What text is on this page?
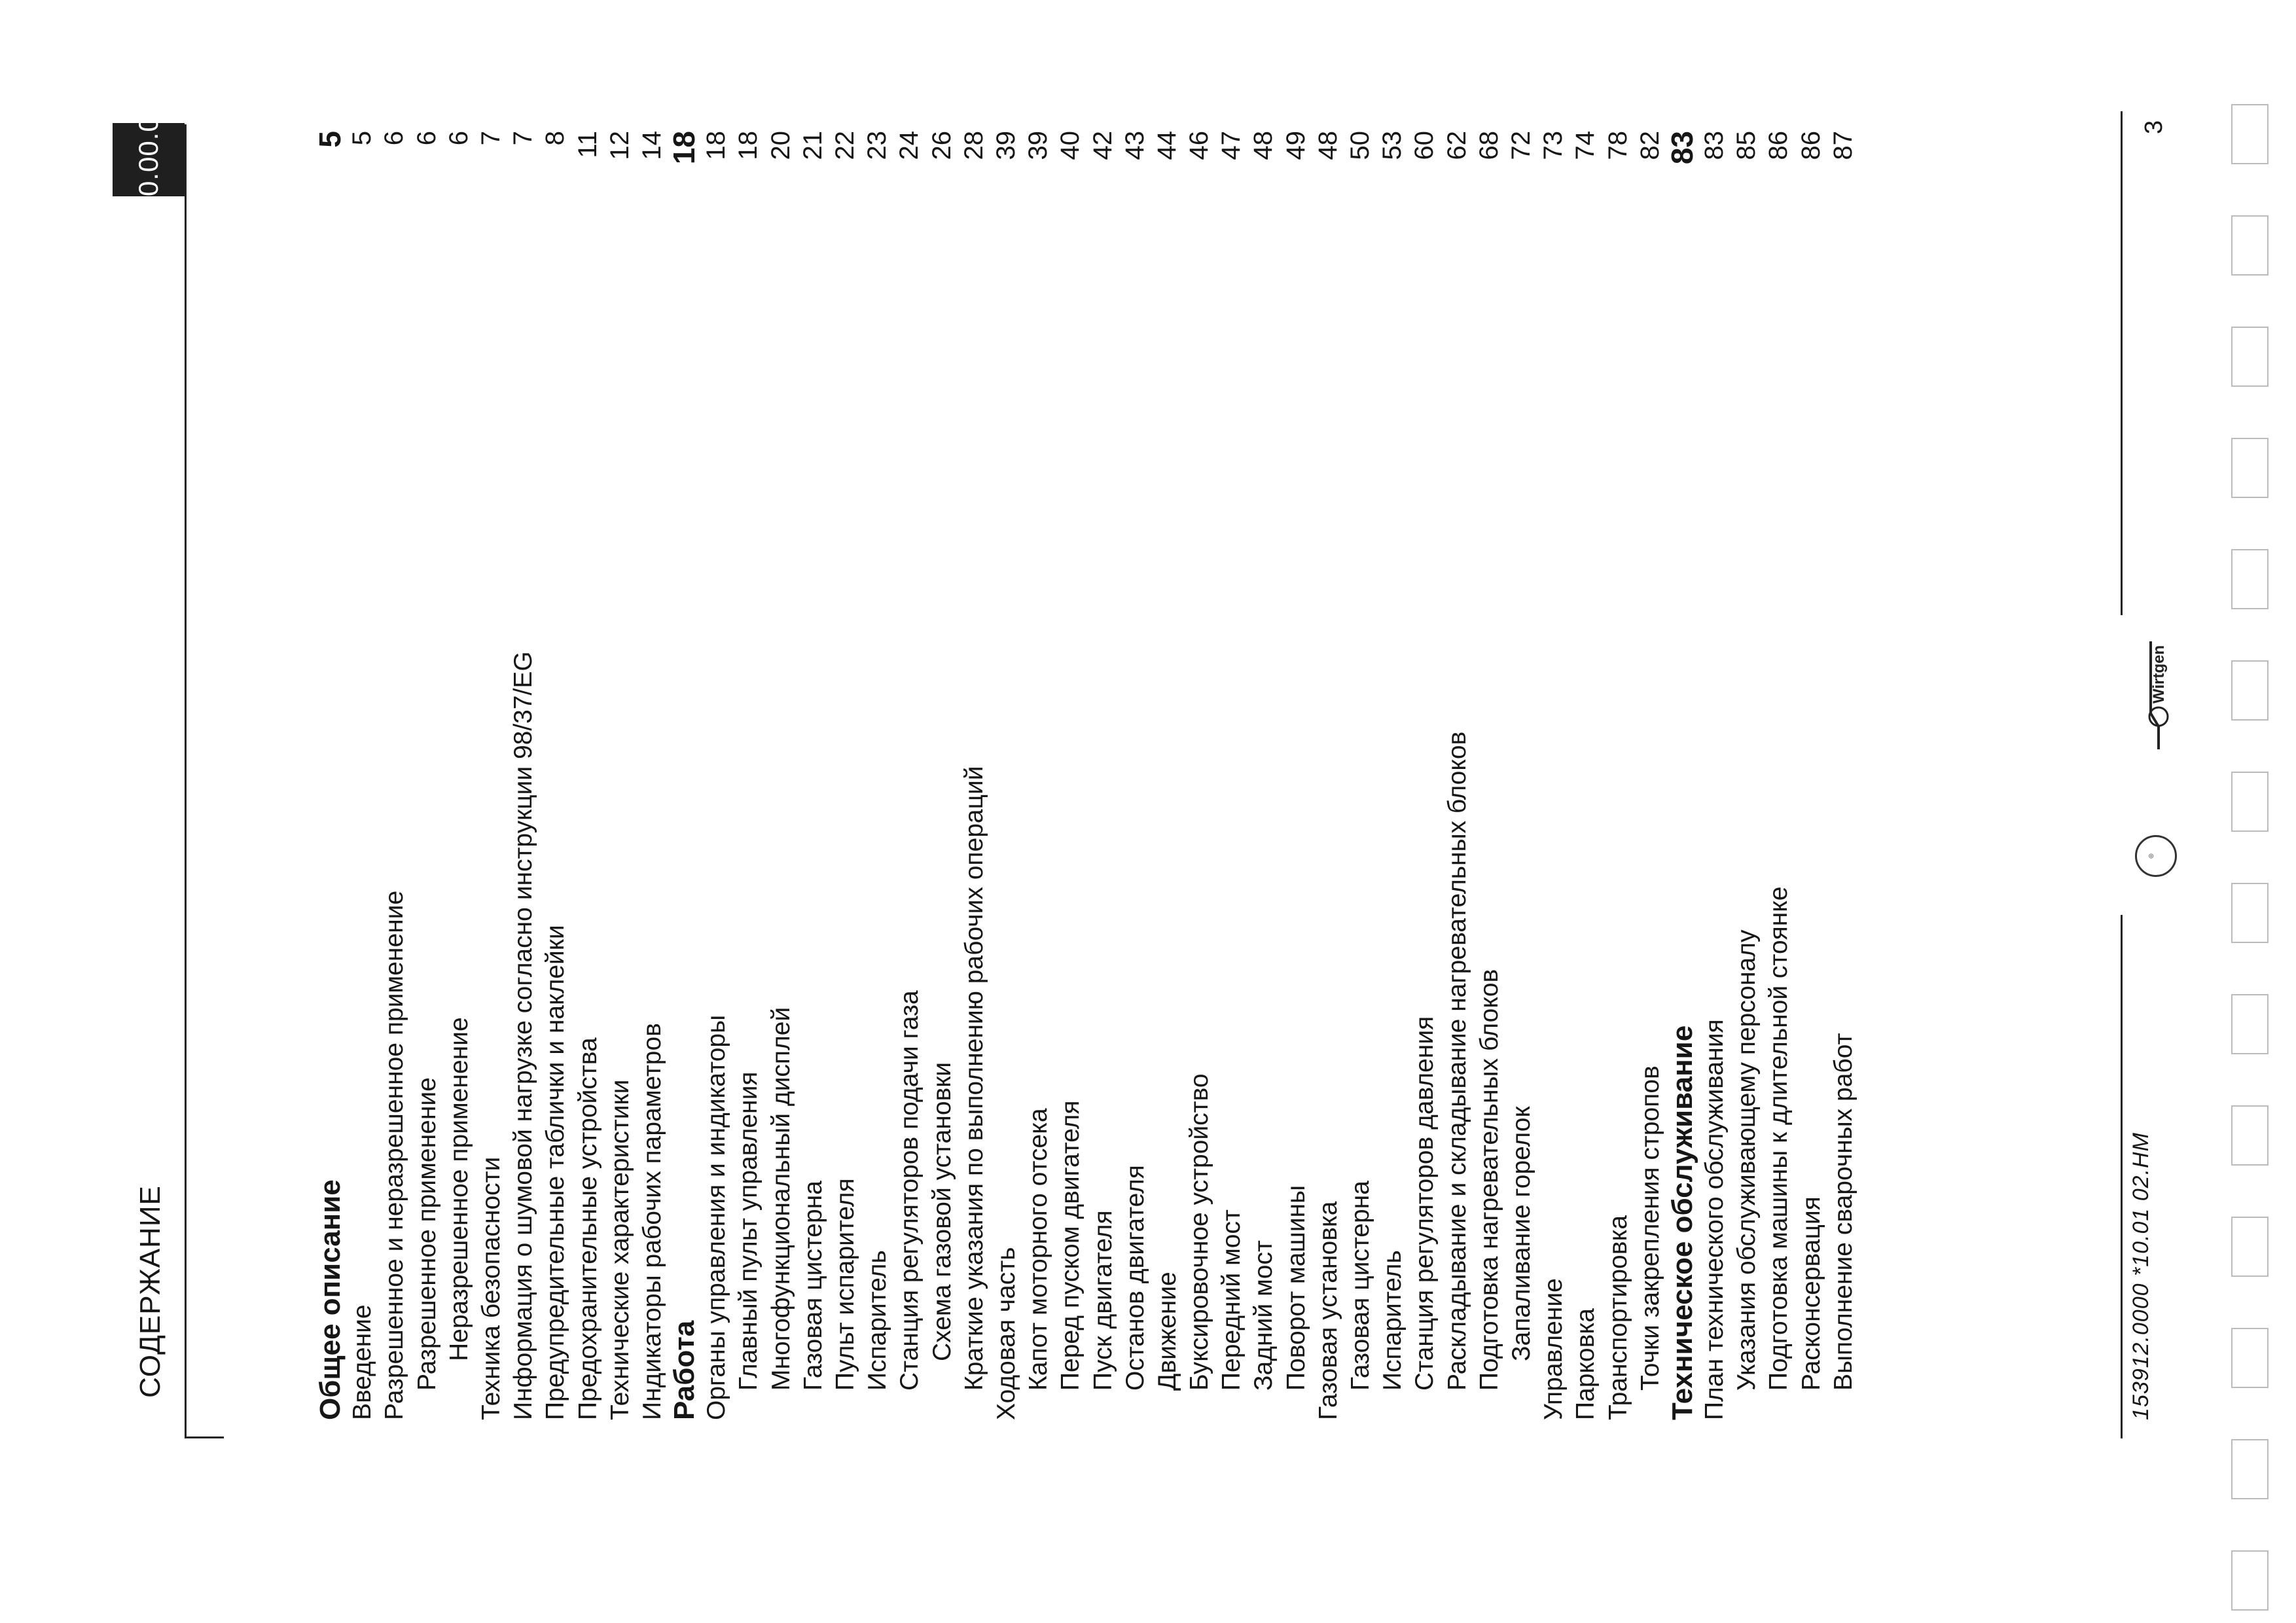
СОДЕРЖАНИЕ
0.00.01
Общее описание
5
Введение
5
Разрешенное и неразрешенное применение
6
Разрешенное применение
6
Неразрешенное применение
6
Техника безопасности
7
Информация о шумовой нагрузке согласно инструкции 98/37/EG
7
Предупредительные таблички и наклейки
8
Предохранительные устройства
11
Технические характеристики
12
Индикаторы рабочих параметров
14
Работа
18
Органы управления и индикаторы
18
Главный пульт управления
18
Многофункциональный дисплей
20
Газовая цистерна
21
Пульт испарителя
22
Испаритель
23
Станция регуляторов подачи газа
24
Схема газовой установки
26
Краткие указания по выполнению рабочих операций
28
Ходовая часть
39
Капот моторного отсека
39
Перед пуском двигателя
40
Пуск двигателя
42
Останов двигателя
43
Движение
44
Буксировочное устройство
46
Передний мост
47
Задний мост
48
Поворот машины
49
Газовая установка
48
Газовая цистерна
50
Испаритель
53
Станция регуляторов давления
60
Раскладывание и складывание нагревательных блоков
62
Подготовка нагревательных блоков
68
Запаливание горелок
72
Управление
73
Парковка
74
Транспортировка
78
Точки закрепления стропов
82
Техническое обслуживание
83
План технического обслуживания
83
Указания обслуживающему персоналу
85
Подготовка машины к длительной стоянке
86
Расконсервация
86
Выполнение сварочных работ
87
153912.0000 *10.01 02.HM
◎
Wirtgen
3
